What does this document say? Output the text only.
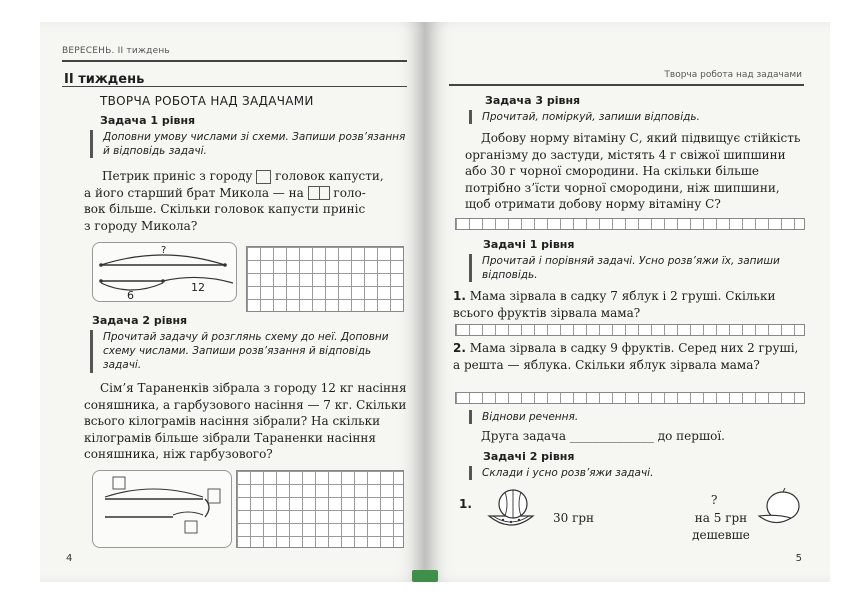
ВЕРЕСЕНЬ. ІІ тиждень
ІІ тиждень
ТВОРЧА РОБОТА НАД ЗАДАЧАМИ
Задача 1 рівня
Доповни умову числами зі схеми. Запиши розв’язання й відповідь задачі.
Петрик приніс з городу головок капусти,
а його старший брат Микола — на голо-
вок більше. Скільки головок капусти приніс
з городу Микола?
?
6
12
Задача 2 рівня
Прочитай задачу й розглянь схему до неї. Доповни схему числами. Запиши розв’язання й відповідь задачі.
Сім’я Тараненків зібрала з городу 12 кг насіння соняшника, а гарбузового насіння — 7 кг. Скільки всього кілограмів насіння зібрали? На скільки кілограмів більше зібрали Тараненки насіння соняшника, ніж гарбузового?
4
Творча робота над задачами
Задача 3 рівня
Прочитай, поміркуй, запиши відповідь.
Добову норму вітаміну С, який підвищує стійкість організму до застуди, містять 4 г свіжої шипшини або 30 г чорної смородини. На скільки більше потрібно з’їсти чорної смородини, ніж шипшини, щоб отримати добову норму вітаміну С?
Задачі 1 рівня
Прочитай і порівняй задачі. Усно розв’яжи їх, запиши відповідь.
1. Мама зірвала в садку 7 яблук і 2 груші. Скільки всього фруктів зірвала мама?
2. Мама зірвала в садку 9 фруктів. Серед них 2 груші, а решта — яблука. Скільки яблук зірвала мама?
Віднови речення.
Друга задача ______________ до першої.
Задачі 2 рівня
Склади і усно розв’яжи задачі.
1.
30 грн
?
на 5 грн
дешевше
5
